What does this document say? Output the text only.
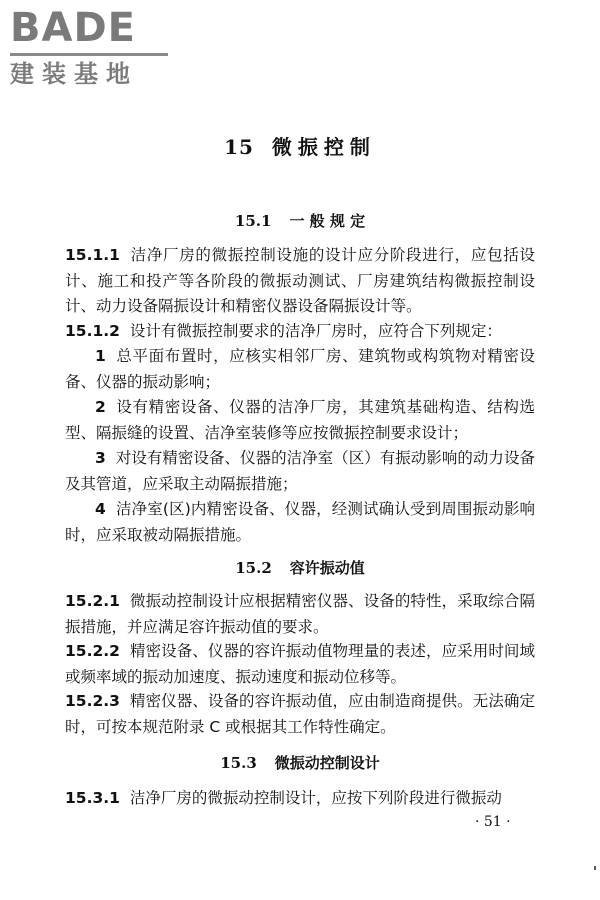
BADE
建装基地
15 微振控制
15.1 一 般 规 定
15.1.1 洁净厂房的微振控制设施的设计应分阶段进行，应包括设计、施工和投产等各阶段的微振动测试、厂房建筑结构微振控制设计、动力设备隔振设计和精密仪器设备隔振设计等。
15.1.2 设计有微振控制要求的洁净厂房时，应符合下列规定：
1 总平面布置时，应核实相邻厂房、建筑物或构筑物对精密设备、仪器的振动影响；
2 设有精密设备、仪器的洁净厂房，其建筑基础构造、结构选型、隔振缝的设置、洁净室装修等应按微振控制要求设计；
3 对设有精密设备、仪器的洁净室（区）有振动影响的动力设备及其管道，应采取主动隔振措施；
4 洁净室(区)内精密设备、仪器，经测试确认受到周围振动影响时，应采取被动隔振措施。
15.2 容许振动值
15.2.1 微振动控制设计应根据精密仪器、设备的特性，采取综合隔振措施，并应满足容许振动值的要求。
15.2.2 精密设备、仪器的容许振动值物理量的表述，应采用时间域或频率域的振动加速度、振动速度和振动位移等。
15.2.3 精密仪器、设备的容许振动值，应由制造商提供。无法确定时，可按本规范附录 C 或根据其工作特性确定。
15.3 微振动控制设计
15.3.1 洁净厂房的微振动控制设计，应按下列阶段进行微振动
· 51 ·
